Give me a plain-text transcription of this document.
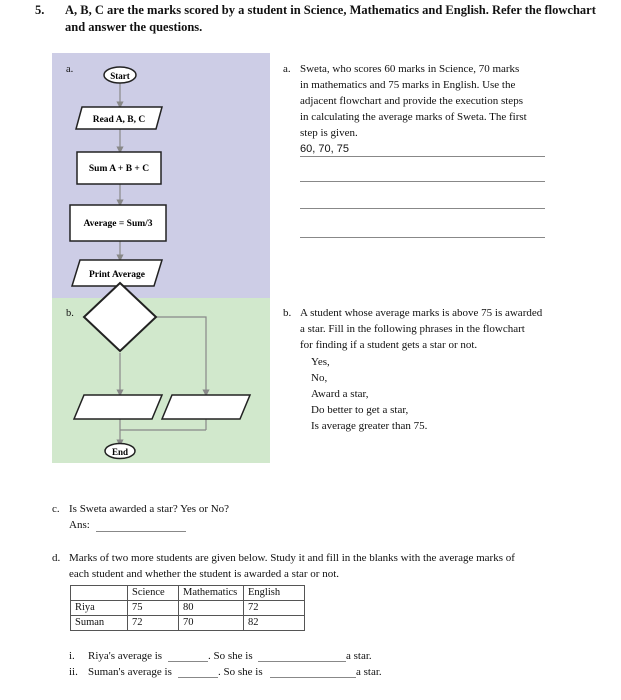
5. A, B, C are the marks scored by a student in Science, Mathematics and English. Refer the flowchart and answer the questions.
Start
Read A, B, C
Sum A + B + C
Average = Sum/3
Print Average
End
a.
b.
a. Sweta, who scores 60 marks in Science, 70 marks
in mathematics and 75 marks in English. Use the
adjacent flowchart and provide the execution steps
in calculating the average marks of Sweta. The first
step is given.
60, 70, 75
b. A student whose average marks is above 75 is awarded
a star. Fill in the following phrases in the flowchart
for finding if a student gets a star or not.
Yes,
No,
Award a star,
Do better to get a star,
Is average greater than 75.
c. Is Sweta awarded a star? Yes or No?
Ans:
d. Marks of two more students are given below. Study it and fill in the blanks with the average marks of
each student and whether the student is awarded a star or not.
	Science	Mathematics	English
Riya	75	80	72
Suman	72	70	82
i. Riya's average is	. So she is	a star.
ii. Suman's average is	. So she is	a star.
